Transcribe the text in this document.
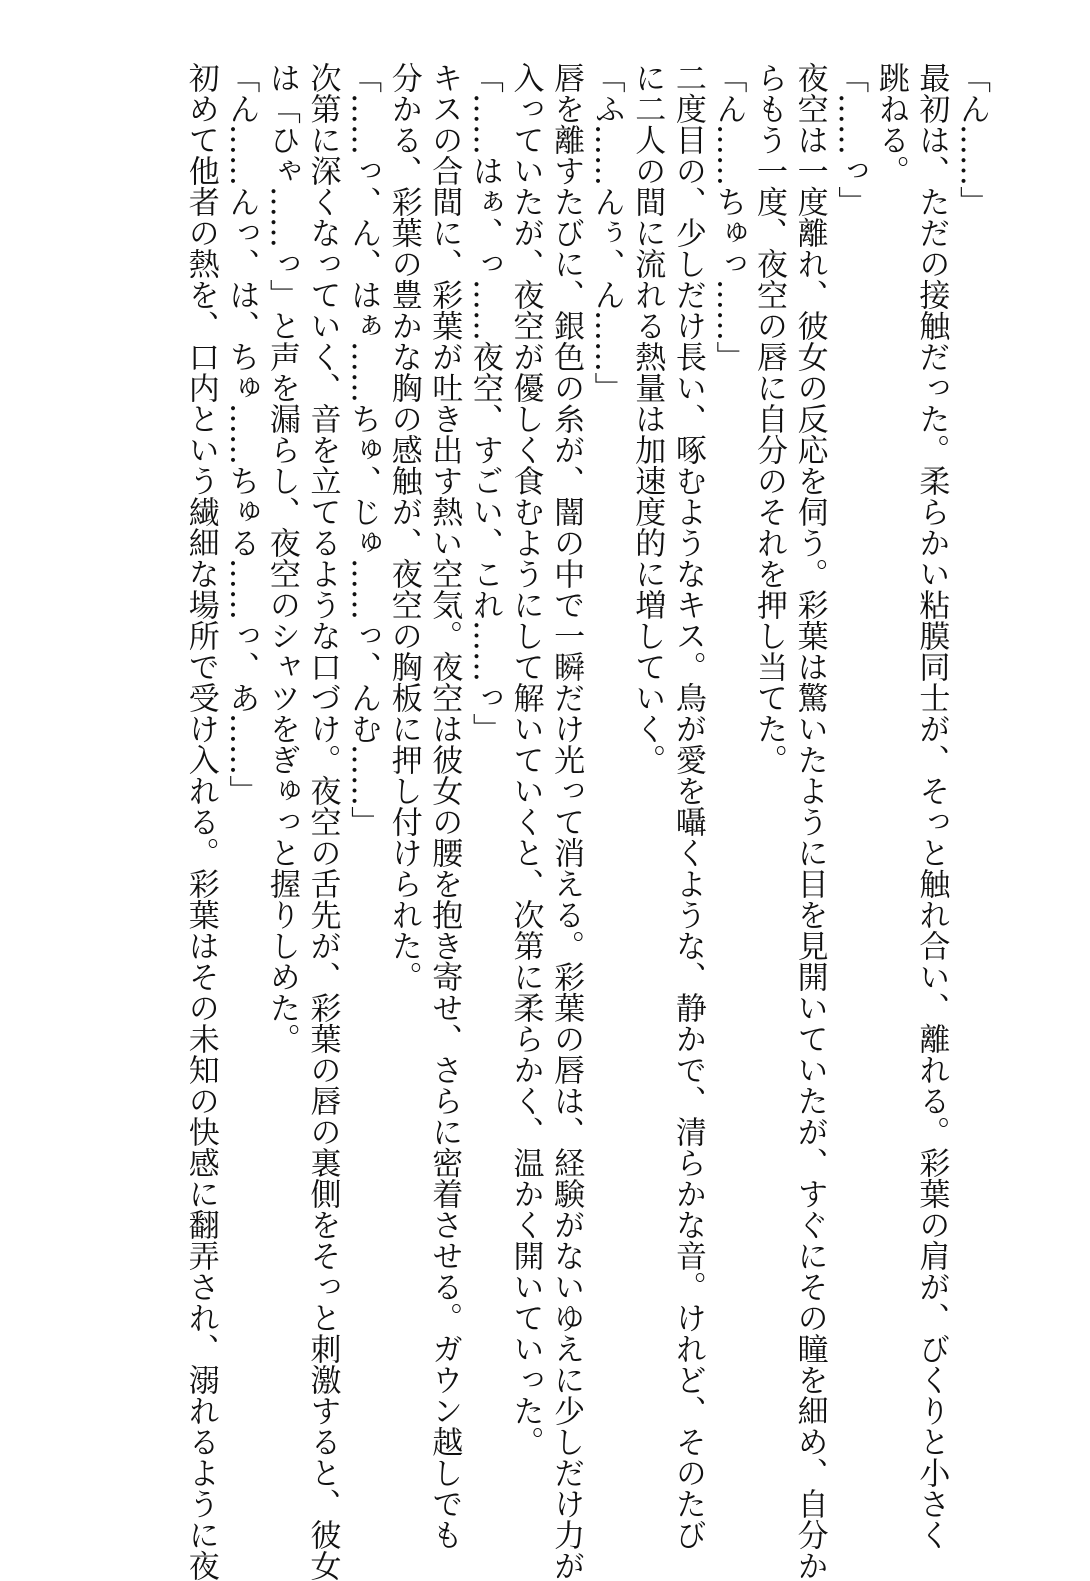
「ん……」
最初は、ただの接触だった。柔らかい粘膜同士が、そっと触れ合い、離れる。彩葉の肩が、びくりと小さく
跳ねる。
「……っ」
夜空は一度離れ、彼女の反応を伺う。彩葉は驚いたように目を見開いていたが、すぐにその瞳を細め、自分か
らもう一度、夜空の唇に自分のそれを押し当てた。
「ん……ちゅっ……」
二度目の、少しだけ長い、啄むようなキス。鳥が愛を囁くような、静かで、清らかな音。けれど、そのたび
に二人の間に流れる熱量は加速度的に増していく。
「ふ……んぅ、ん……」
唇を離すたびに、銀色の糸が、闇の中で一瞬だけ光って消える。彩葉の唇は、経験がないゆえに少しだけ力が
入っていたが、夜空が優しく食むようにして解いていくと、次第に柔らかく、温かく開いていった。
「……はぁ、っ……夜空、すごい、これ……っ」
キスの合間に、彩葉が吐き出す熱い空気。夜空は彼女の腰を抱き寄せ、さらに密着させる。ガウン越しでも
分かる、彩葉の豊かな胸の感触が、夜空の胸板に押し付けられた。
「……っ、ん、はぁ……ちゅ、じゅ……っ、んむ……」
次第に深くなっていく、音を立てるような口づけ。夜空の舌先が、彩葉の唇の裏側をそっと刺激すると、彼女
は「ひゃ……っ」と声を漏らし、夜空のシャツをぎゅっと握りしめた。
「ん……んっ、は、ちゅ……ちゅる……っ、あ……」
初めて他者の熱を、口内という繊細な場所で受け入れる。彩葉はその未知の快感に翻弄され、溺れるように夜
